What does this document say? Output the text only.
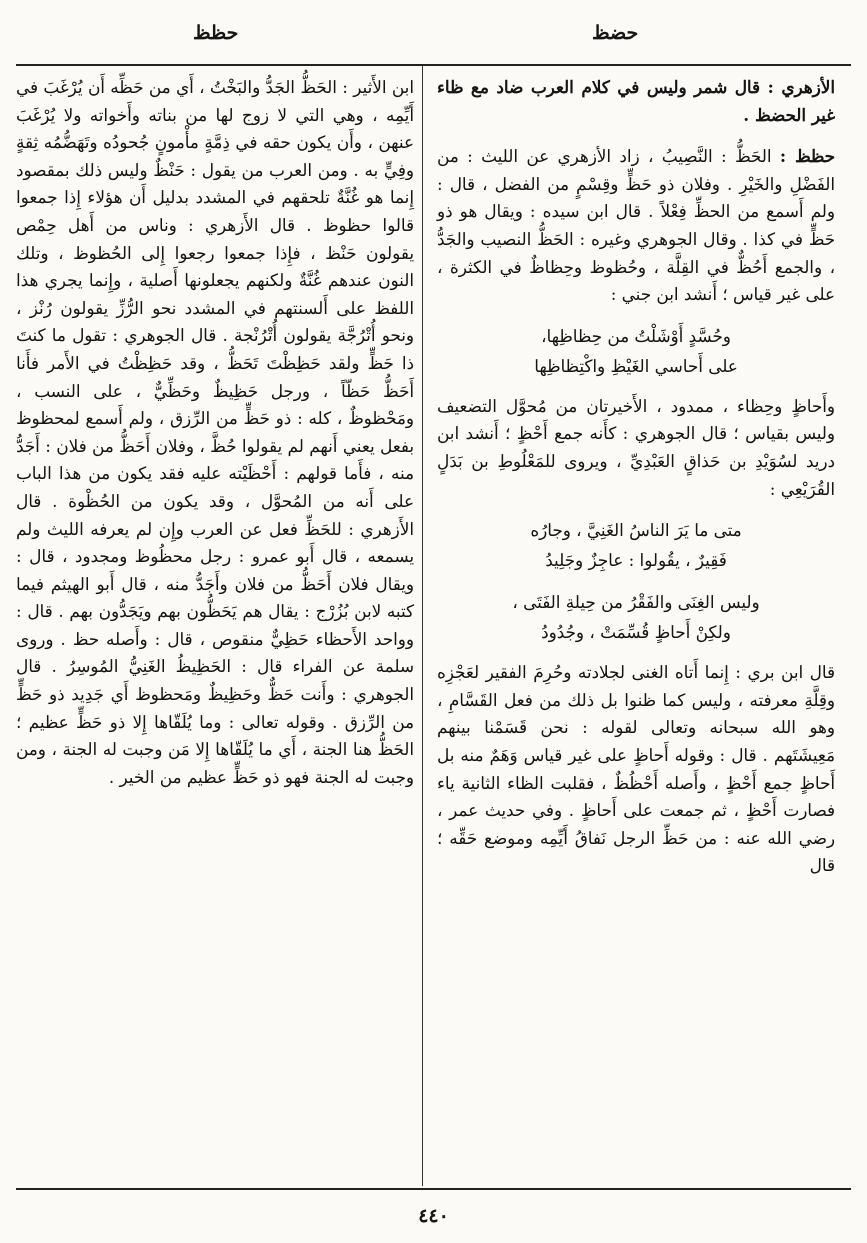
حضظ
حظظ

الأزهري : قال شمر وليس في كلام العرب ضاد مع ظاء غير الحضظ .

حظظ : الحَظُّ : النَّصِيبُ ، زاد الأزهري عن الليث : من الفَضْلِ والخَيْرِ . وفلان ذو حَظٍّ وقِسْمٍ من الفضل ، قال : ولم أَسمع من الحظِّ فِعْلاً . قال ابن سيده : ويقال هو ذو حَظٍّ في كذا . وقال الجوهري وغيره : الحَظُّ النصيب والجَدُّ ، والجمع أَحُظٌّ في القِلَّة ، وحُظوظ وحِظاظٌ في الكثرة ، على غير قياس ؛ أَنشد ابن جني :

وحُسَّدٍ أَوْشَلْتُ من حِظاظِها،
على أَحاسي الغَيْظِ واكْتِظاظِها

وأَحاظٍ وحِظاء ، ممدود ، الأَخيرتان من مُحوَّل التضعيف وليس بقياس ؛ قال الجوهري : كأَنه جمع أَحْظٍ ؛ أَنشد ابن دريد لسُوَيْدِ بن حَذاقٍ العَبْدِيِّ ، ويروى للمَعْلُوطِ بن بَدَلٍ القُرَيْعِي :

متى ما يَرَ الناسُ الغَنِيَّ ، وجارُه
فَقِيرٌ ، يقُولوا : عاجِزٌ وجَلِيدُ
وليس الغِنَى والفَقْرُ من حِيلةِ الفَتَى ،
ولكِنْ أَحاظٍ قُسِّمَتْ ، وجُدُودُ

قال ابن بري : إِنما أَتاه الغنى لجلادته وحُرِمَ الفقير لعَجْزِه وقِلَّةِ معرفته ، وليس كما ظنوا بل ذلك من فعل القَسَّامِ ، وهو الله سبحانه وتعالى لقوله : نحن قَسَمْنا بينهم مَعِيشَتَهم . قال : وقوله أَحاظٍ على غير قياس وَهَمٌ منه بل أَحاظٍ جمع أَحْظٍ ، وأَصله أَحْظُظٌ ، فقلبت الظاء الثانية ياء فصارت أَحْظٍ ، ثم جمعت على أَحاظٍ . وفي حديث عمر ، رضي الله عنه : من حَظِّ الرجل نَفاقُ أَيِّمِه وموضع حَقِّه ؛ قال

ابن الأَثير : الحَظُّ الجَدُّ والبَخْتُ ، أَي من حَظِّه أَن يُرْغَبَ في أَيِّمِه ، وهي التي لا زوج لها من بناته وأَخواته ولا يُرْغَبَ عنهن ، وأَن يكون حقه في ذِمَّةٍ مأْمونٍ جُحودُه وتَهَضُّمُه ثِقةٍ وفِيٍّ به . ومن العرب من يقول : حَنْظٌ وليس ذلك بمقصود إِنما هو غُنَّةٌ تلحقهم في المشدد بدليل أَن هؤلاء إِذا جمعوا قالوا حظوظ . قال الأَزهري : وناس من أَهل حِمْص يقولون حَنْظ ، فإِذا جمعوا رجعوا إِلى الحُظوظ ، وتلك النون عندهم غُنَّةٌ ولكنهم يجعلونها أَصلية ، وإِنما يجري هذا اللفظ على أَلسنتهم في المشدد نحو الرُّزِّ يقولون رُنْز ، ونحو أُتْرُجَّة يقولون أُتْرُنْجة . قال الجوهري : تقول ما كنتَ ذا حَظٍّ ولقد حَظِظْتَ تَحَظُّ ، وقد حَظِظْتُ في الأَمر فأَنا أَحَظُّ حَظّاً ، ورجل حَظِيظٌ وحَظِّيٌّ ، على النسب ، ومَحْظوظٌ ، كله : ذو حَظٍّ من الرِّزق ، ولم أَسمع لمحظوظ بفعل يعني أَنهم لم يقولوا حُظَّ ، وفلان أَحَظُّ من فلان : أَجَدُّ منه ، فأَما قولهم : أَحْظَيْته عليه فقد يكون من هذا الباب على أَنه من المُحوَّل ، وقد يكون من الحُظْوة . قال الأَزهري : للحَظِّ فعل عن العرب وإِن لم يعرفه الليث ولم يسمعه ، قال أَبو عمرو : رجل محظُوظ ومجدود ، قال : ويقال فلان أَحَظُّ من فلان وأَجَدُّ منه ، قال أَبو الهيثم فيما كتبه لابن بُزُرْج : يقال هم يَحَظُّون بهم ويَجَدُّون بهم . قال : وواحد الأَحظاء حَظِيٌّ منقوص ، قال : وأَصله حظ . وروى سلمة عن الفراء قال : الحَظِيظُ الغَنِيُّ المُوسِرُ . قال الجوهري : وأَنت حَظٌّ وحَظِيظٌ ومَحظوظ أَي جَدِيد ذو حَظٍّ من الرِّزق . وقوله تعالى : وما يُلَقّاها إِلا ذو حَظٍّ عظيم ؛ الحَظُّ هنا الجنة ، أَي ما يُلَقّاها إِلا مَن وجبت له الجنة ، ومن وجبت له الجنة فهو ذو حَظٍّ عظيم من الخير .

٤٤٠
